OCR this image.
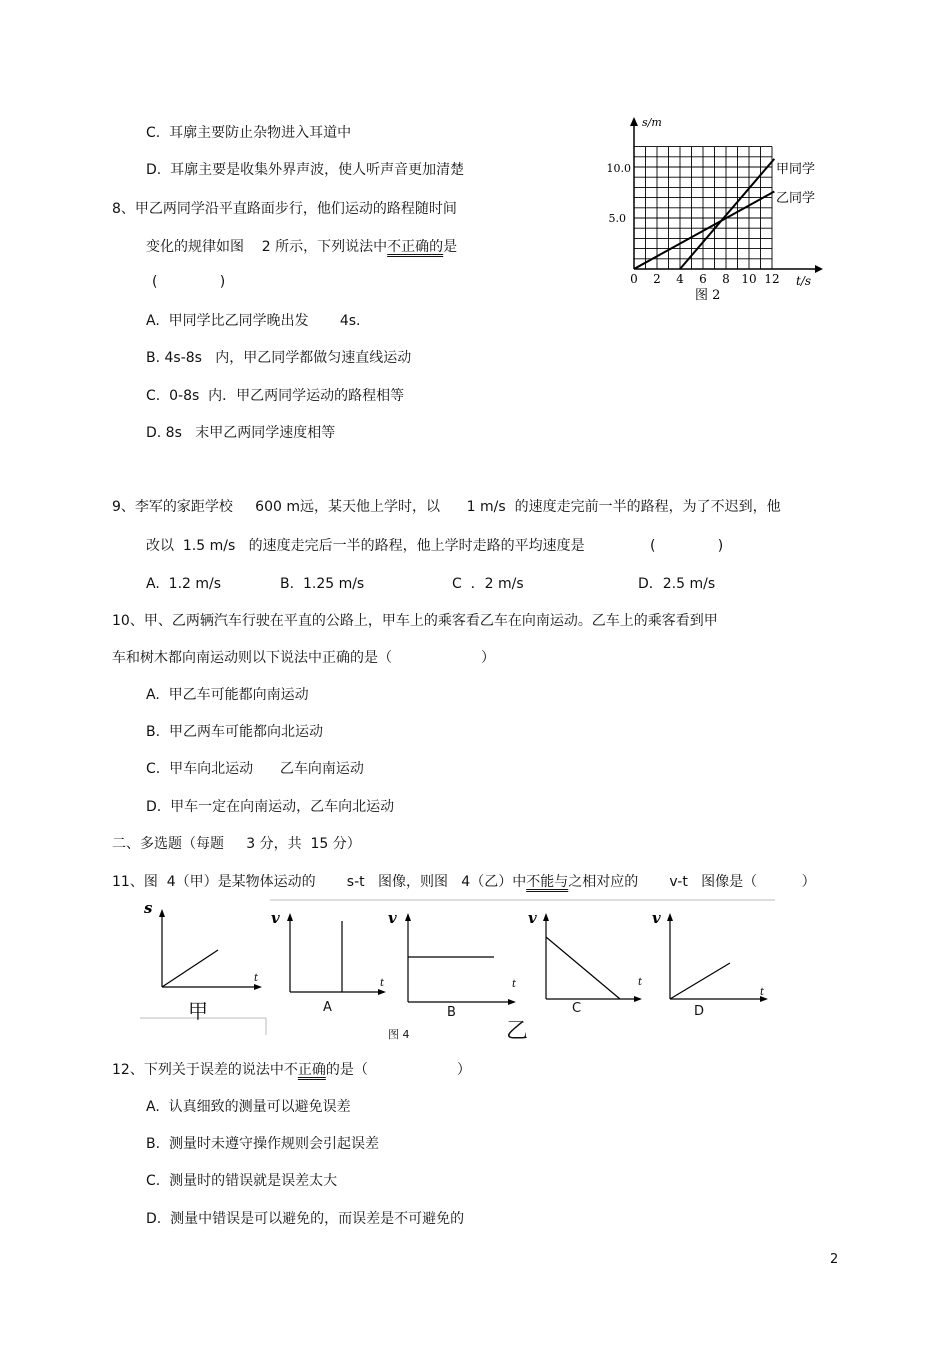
C.  耳廓主要防止杂物进入耳道中
D.  耳廓主要是收集外界声波，使人听声音更加清楚
8、甲乙两同学沿平直路面步行，他们运动的路程随时间
变化的规律如图    2 所示，下列说法中不正确的是
(              )
A.  甲同学比乙同学晚出发       4s.
B. 4s-8s   内，甲乙同学都做匀速直线运动
C.  0-8s  内．甲乙两同学运动的路程相等
D. 8s   末甲乙两同学速度相等
s/m
10.0
5.0
0 2 4 6 8 10 12 t/s
甲同学
乙同学
图 2
9、李军的家距学校     600 m远，某天他上学时，以      1 m/s  的速度走完前一半的路程，为了不迟到，他
改以  1.5 m/s   的速度走完后一半的路程，他上学时走路的平均速度是	(              )
A.  1.2 m/s	B.  1.25 m/s	C  ．2 m/s	D．2.5 m/s
10、甲、乙两辆汽车行驶在平直的公路上，甲车上的乘客看乙车在向南运动。乙车上的乘客看到甲
车和树木都向南运动则以下说法中正确的是（                    ）
A.  甲乙车可能都向南运动
B.  甲乙两车可能都向北运动
C.  甲车向北运动      乙车向南运动
D.  甲车一定在向南运动，乙车向北运动
二、多选题（每题     3 分，共  15 分）
11、图  4（甲）是某物体运动的       s-t   图像，则图   4（乙）中不能与之相对应的       v-t   图像是（          ）
s
t
v
t
v
t
v
t
v
t
甲	A	B	C	D
图 4	乙
12、下列关于误差的说法中不正确的是（                    ）
A.  认真细致的测量可以避免误差
B.  测量时未遵守操作规则会引起误差
C.  测量时的错误就是误差太大
D.  测量中错误是可以避免的，而误差是不可避免的
2
